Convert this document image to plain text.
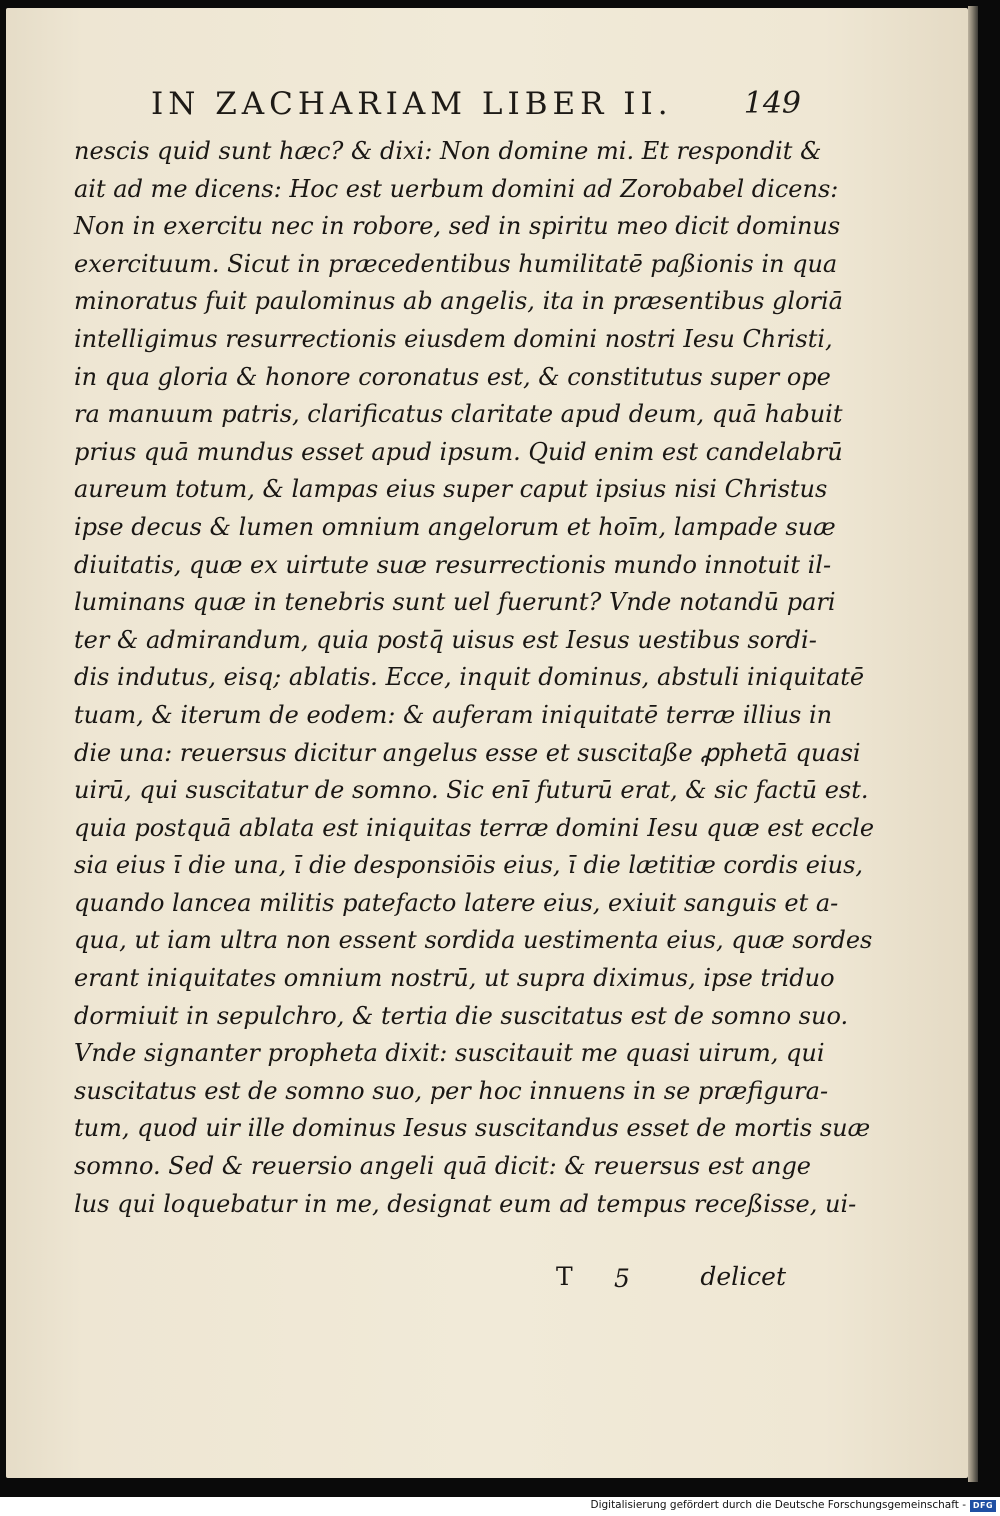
IN ZACHARIAM LIBER II. 149
nescis quid sunt hæc? & dixi: Non domine mi. Et respondit &
ait ad me dicens: Hoc est uerbum domini ad Zorobabel dicens:
Non in exercitu nec in robore, sed in spiritu meo dicit dominus
exercituum. Sicut in præcedentibus humilitatē paßionis in qua
minoratus fuit paulominus ab angelis, ita in præsentibus gloriā
intelligimus resurrectionis eiusdem domini nostri Iesu Christi,
in qua gloria & honore coronatus est, & constitutus super ope
ra manuum patris, clarificatus claritate apud deum, quā habuit
prius quā mundus esset apud ipsum. Quid enim est candelabrū
aureum totum, & lampas eius super caput ipsius nisi Christus
ipse decus & lumen omnium angelorum et hoīm, lampade suæ
diuitatis, quæ ex uirtute suæ resurrectionis mundo innotuit il-
luminans quæ in tenebris sunt uel fuerunt? Vnde notandū pari
ter & admirandum, quia postq̄ uisus est Iesus uestibus sordi-
dis indutus, eisq; ablatis. Ecce, inquit dominus, abstuli iniquitatē
tuam, & iterum de eodem: & auferam iniquitatē terræ illius in
die una: reuersus dicitur angelus esse et suscitaße ꝓphetā quasi
uirū, qui suscitatur de somno. Sic enī futurū erat, & sic factū est.
quia postquā ablata est iniquitas terræ domini Iesu quæ est eccle
sia eius ī die una, ī die desponsiōis eius, ī die lætitiæ cordis eius,
quando lancea militis patefacto latere eius, exiuit sanguis et a-
qua, ut iam ultra non essent sordida uestimenta eius, quæ sordes
erant iniquitates omnium nostrū, ut supra diximus, ipse triduo
dormiuit in sepulchro, & tertia die suscitatus est de somno suo.
Vnde signanter propheta dixit: suscitauit me quasi uirum, qui
suscitatus est de somno suo, per hoc innuens in se præfigura-
tum, quod uir ille dominus Iesus suscitandus esset de mortis suæ
somno. Sed & reuersio angeli quā dicit: & reuersus est ange
lus qui loquebatur in me, designat eum ad tempus receßisse, ui-
T 5	delicet
Digitalisierung gefördert durch die Deutsche Forschungsgemeinschaft - DFG
